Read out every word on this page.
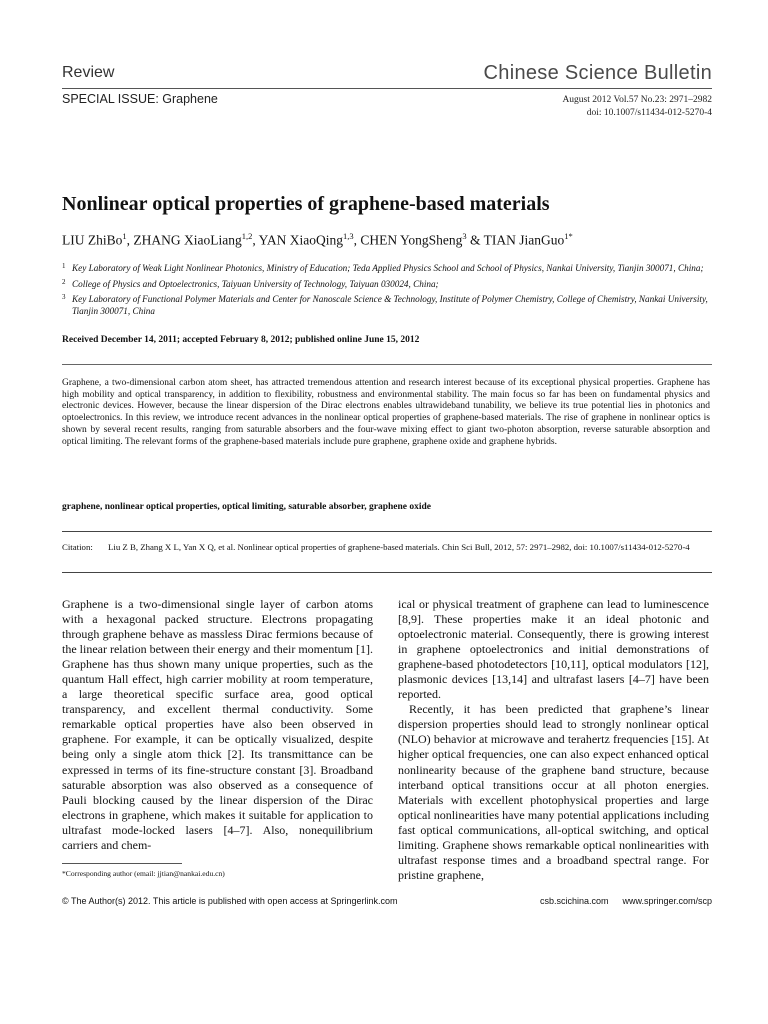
Review	Chinese Science Bulletin
SPECIAL ISSUE: Graphene	August 2012 Vol.57 No.23: 2971–2982
doi: 10.1007/s11434-012-5270-4
Nonlinear optical properties of graphene-based materials
LIU ZhiBo$^1$, ZHANG XiaoLiang$^{1,2}$, YAN XiaoQing$^{1,3}$, CHEN YongSheng$^3$ & TIAN JianGuo$^{1*}$
1 Key Laboratory of Weak Light Nonlinear Photonics, Ministry of Education; Teda Applied Physics School and School of Physics, Nankai University, Tianjin 300071, China;
2 College of Physics and Optoelectronics, Taiyuan University of Technology, Taiyuan 030024, China;
3 Key Laboratory of Functional Polymer Materials and Center for Nanoscale Science & Technology, Institute of Polymer Chemistry, College of Chemistry, Nankai University, Tianjin 300071, China
Received December 14, 2011; accepted February 8, 2012; published online June 15, 2012
Graphene, a two-dimensional carbon atom sheet, has attracted tremendous attention and research interest because of its exceptional physical properties. Graphene has high mobility and optical transparency, in addition to flexibility, robustness and environmental stability. The main focus so far has been on fundamental physics and electronic devices. However, because the linear dispersion of the Dirac electrons enables ultrawideband tunability, we believe its true potential lies in photonics and optoelectronics. In this review, we introduce recent advances in the nonlinear optical properties of graphene-based materials. The rise of graphene in nonlinear optics is shown by several recent results, ranging from saturable absorbers and the four-wave mixing effect to giant two-photon absorption, reverse saturable absorption and optical limiting. The relevant forms of the graphene-based materials include pure graphene, graphene oxide and graphene hybrids.
graphene, nonlinear optical properties, optical limiting, saturable absorber, graphene oxide
Citation: Liu Z B, Zhang X L, Yan X Q, et al. Nonlinear optical properties of graphene-based materials. Chin Sci Bull, 2012, 57: 2971–2982, doi: 10.1007/s11434-012-5270-4

Graphene is a two-dimensional single layer of carbon atoms with a hexagonal packed structure. Electrons propagating through graphene behave as massless Dirac fermions because of the linear relation between their energy and their momentum [1]. Graphene has thus shown many unique properties, such as the quantum Hall effect, high carrier mobility at room temperature, a large theoretical specific surface area, good optical transparency, and excellent thermal conductivity. Some remarkable optical properties have also been observed in graphene. For example, it can be optically visualized, despite being only a single atom thick [2]. Its transmittance can be expressed in terms of its fine-structure constant [3]. Broadband saturable absorption was also observed as a consequence of Pauli blocking caused by the linear dispersion of the Dirac electrons in graphene, which makes it suitable for application to ultrafast mode-locked lasers [4–7]. Also, nonequilibrium carriers and chem-

ical or physical treatment of graphene can lead to luminescence [8,9]. These properties make it an ideal photonic and optoelectronic material. Consequently, there is growing interest in graphene optoelectronics and initial demonstrations of graphene-based photodetectors [10,11], optical modulators [12], plasmonic devices [13,14] and ultrafast lasers [4–7] have been reported.

Recently, it has been predicted that graphene’s linear dispersion properties should lead to strongly nonlinear optical (NLO) behavior at microwave and terahertz frequencies [15]. At higher optical frequencies, one can also expect enhanced optical nonlinearity because of the graphene band structure, because interband optical transitions occur at all photon energies. Materials with excellent photophysical properties and large optical nonlinearities have many potential applications including fast optical communications, all-optical switching, and optical limiting. Graphene shows remarkable optical nonlinearities with ultrafast response times and a broadband spectral range. For pristine graphene,

*Corresponding author (email: jjtian@nankai.edu.cn)
© The Author(s) 2012. This article is published with open access at Springerlink.com	csb.scichina.com www.springer.com/scp
